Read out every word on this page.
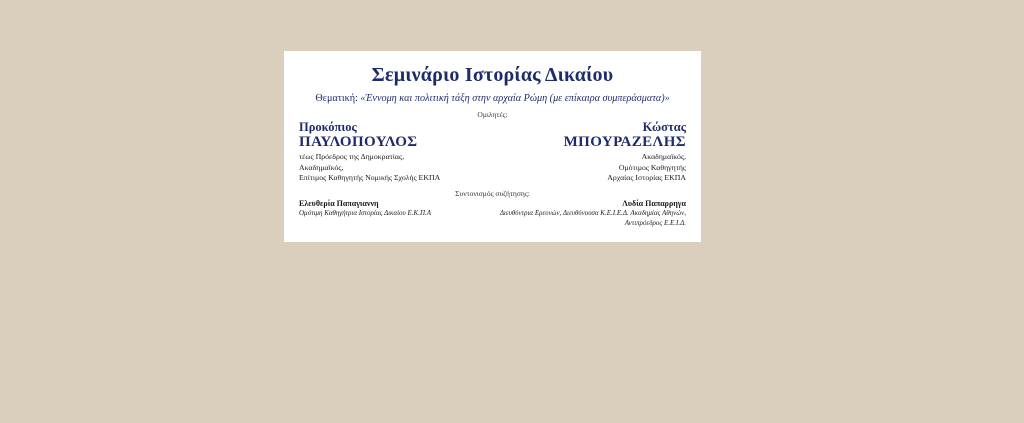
Σεμινάριο Ιστορίας Δικαίου
Θεματική: «Έννομη και πολιτική τάξη στην αρχαία Ρώμη (με επίκαιρα συμπεράσματα)»
Ομιλητές:
Προκόπιος
ΠΑΥΛΟΠΟΥΛΟΣ
τέως Πρόεδρος της Δημοκρατίας,
Ακαδημαϊκός,
Επίτιμος Καθηγητής Νομικής Σχολής ΕΚΠΑ
Κώστας
ΜΠΟΥΡΑΖΕΛΗΣ
Ακαδημαϊκός,
Ομότιμος Καθηγητής
Αρχαίας Ιστορίας ΕΚΠΑ
Συντονισμός συζήτησης:
Ελευθερία Παπαγιαννη
Ομότιμη Καθηγήτρια Ιστορίας Δικαίου Ε.Κ.Π.Α
Λυδία Παπαρρηγα
Διευθύντρια Ερευνών, Διευθύνουσα Κ.Ε.Ι.Ε.Δ. Ακαδημίας Αθηνών,
Αντιπρόεδρος Ε.Ε.Ι.Δ.
